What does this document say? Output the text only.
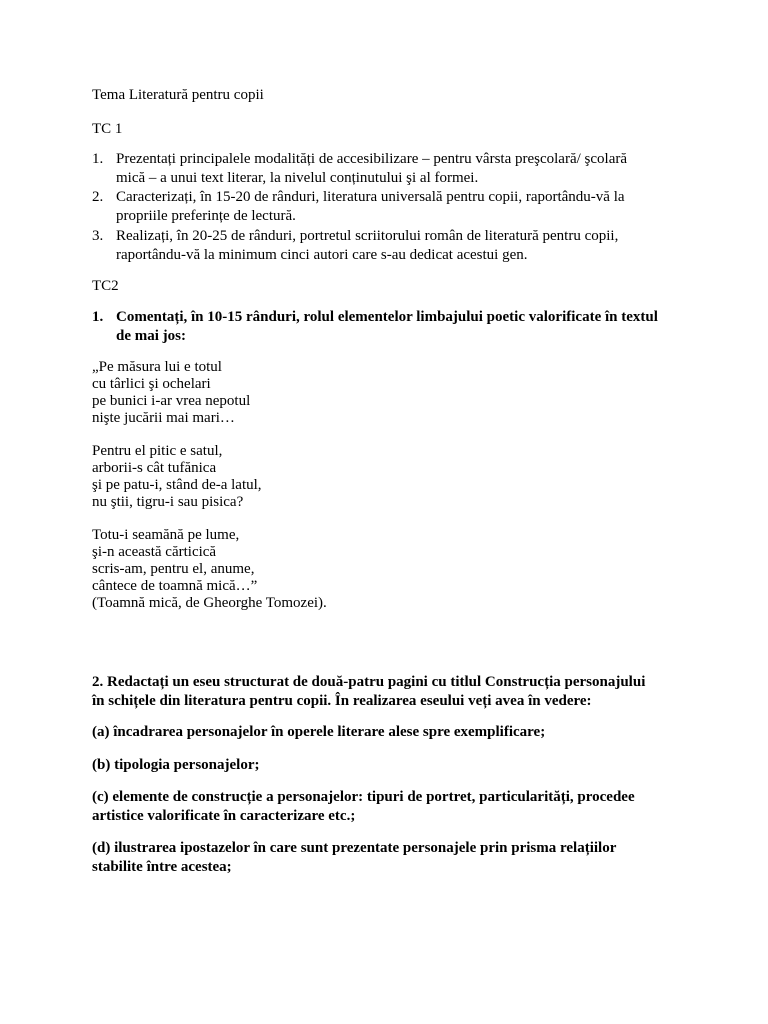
Tema Literatură pentru copii
TC 1
1. Prezentați principalele modalități de accesibilizare – pentru vârsta preşcolară/ şcolară
mică – a unui text literar, la nivelul conținutului şi al formei.
2. Caracterizați, în 15-20 de rânduri, literatura universală pentru copii, raportându-vă la
propriile preferințe de lectură.
3. Realizați, în 20-25 de rânduri, portretul scriitorului român de literatură pentru copii,
raportându-vă la minimum cinci autori care s-au dedicat acestui gen.
TC2
1. Comentați, în 10-15 rânduri, rolul elementelor limbajului poetic valorificate în textul
de mai jos:
„Pe măsura lui e totul
cu târlici şi ochelari
pe bunici i-ar vrea nepotul
nişte jucării mai mari…
Pentru el pitic e satul,
arborii-s cât tufănica
şi pe patu-i, stând de-a latul,
nu ştii, tigru-i sau pisica?
Totu-i seamănă pe lume,
şi-n această cărticică
scris-am, pentru el, anume,
cântece de toamnă mică…”
(Toamnă mică, de Gheorghe Tomozei).
2. Redactați un eseu structurat de două-patru pagini cu titlul Construcția personajului
în schițele din literatura pentru copii. În realizarea eseului veți avea în vedere:
(a) încadrarea personajelor în operele literare alese spre exemplificare;
(b) tipologia personajelor;
(c) elemente de construcție a personajelor: tipuri de portret, particularități, procedee
artistice valorificate în caracterizare etc.;
(d) ilustrarea ipostazelor în care sunt prezentate personajele prin prisma relațiilor
stabilite între acestea;
